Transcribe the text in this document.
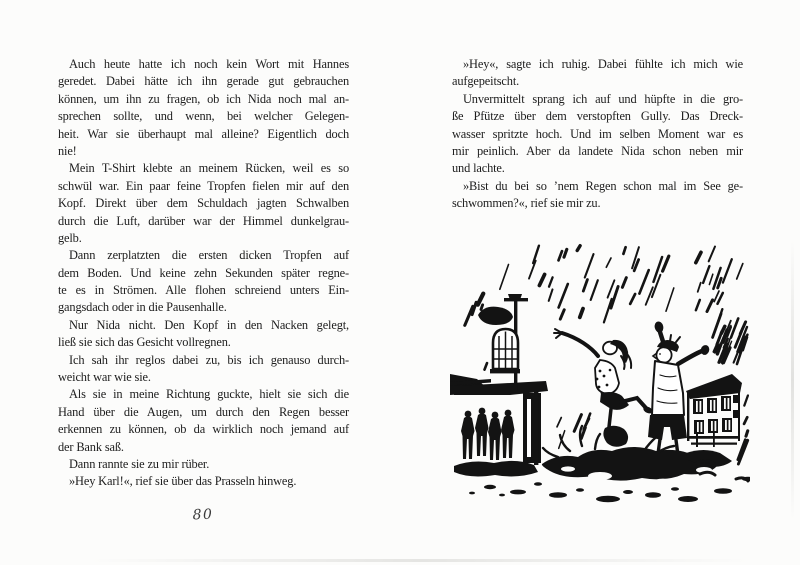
Auch heute hatte ich noch kein Wort mit Hannes
geredet. Dabei hätte ich ihn gerade gut gebrauchen
können, um ihn zu fragen, ob ich Nida noch mal an-
sprechen sollte, und wenn, bei welcher Gelegen-
heit. War sie überhaupt mal alleine? Eigentlich doch
nie!
Mein T-Shirt klebte an meinem Rücken, weil es so
schwül war. Ein paar feine Tropfen fielen mir auf den
Kopf. Direkt über dem Schuldach jagten Schwalben
durch die Luft, darüber war der Himmel dunkelgrau-
gelb.
Dann zerplatzten die ersten dicken Tropfen auf
dem Boden. Und keine zehn Sekunden später regne-
te es in Strömen. Alle flohen schreiend unters Ein-
gangsdach oder in die Pausenhalle.
Nur Nida nicht. Den Kopf in den Nacken gelegt,
ließ sie sich das Gesicht vollregnen.
Ich sah ihr reglos dabei zu, bis ich genauso durch-
weicht war wie sie.
Als sie in meine Richtung guckte, hielt sie sich die
Hand über die Augen, um durch den Regen besser
erkennen zu können, ob da wirklich noch jemand auf
der Bank saß.
Dann rannte sie zu mir rüber.
»Hey Karl!«, rief sie über das Prasseln hinweg.
80
»Hey«, sagte ich ruhig. Dabei fühlte ich mich wie
aufgepeitscht.
Unvermittelt sprang ich auf und hüpfte in die gro-
ße Pfütze über dem verstopften Gully. Das Dreck-
wasser spritzte hoch. Und im selben Moment war es
mir peinlich. Aber da landete Nida schon neben mir
und lachte.
»Bist du bei so ’nem Regen schon mal im See ge-
schwommen?«, rief sie mir zu.
